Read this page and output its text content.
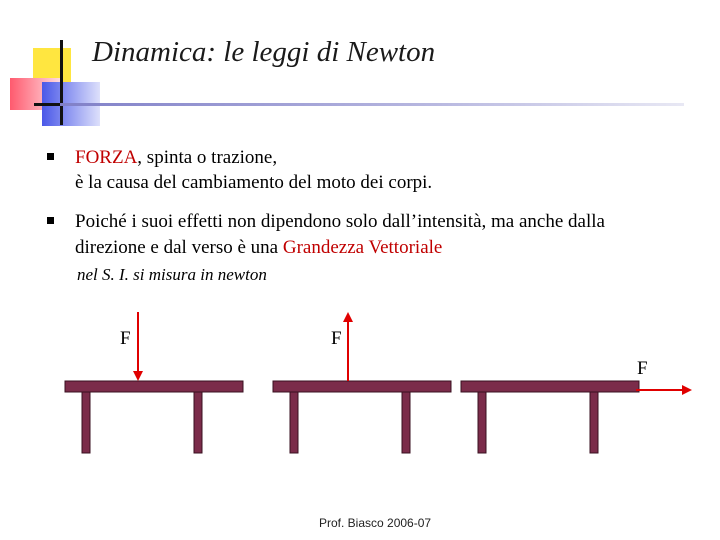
Dinamica: le leggi di Newton
FORZA, spinta o trazione,
è la causa del cambiamento del moto dei corpi.
Poiché i suoi effetti non dipendono solo dall’intensità, ma anche dalla
direzione e dal verso è una Grandezza Vettoriale
nel S. I. si misura in newton
F	F
F
Prof. Biasco 2006-07
